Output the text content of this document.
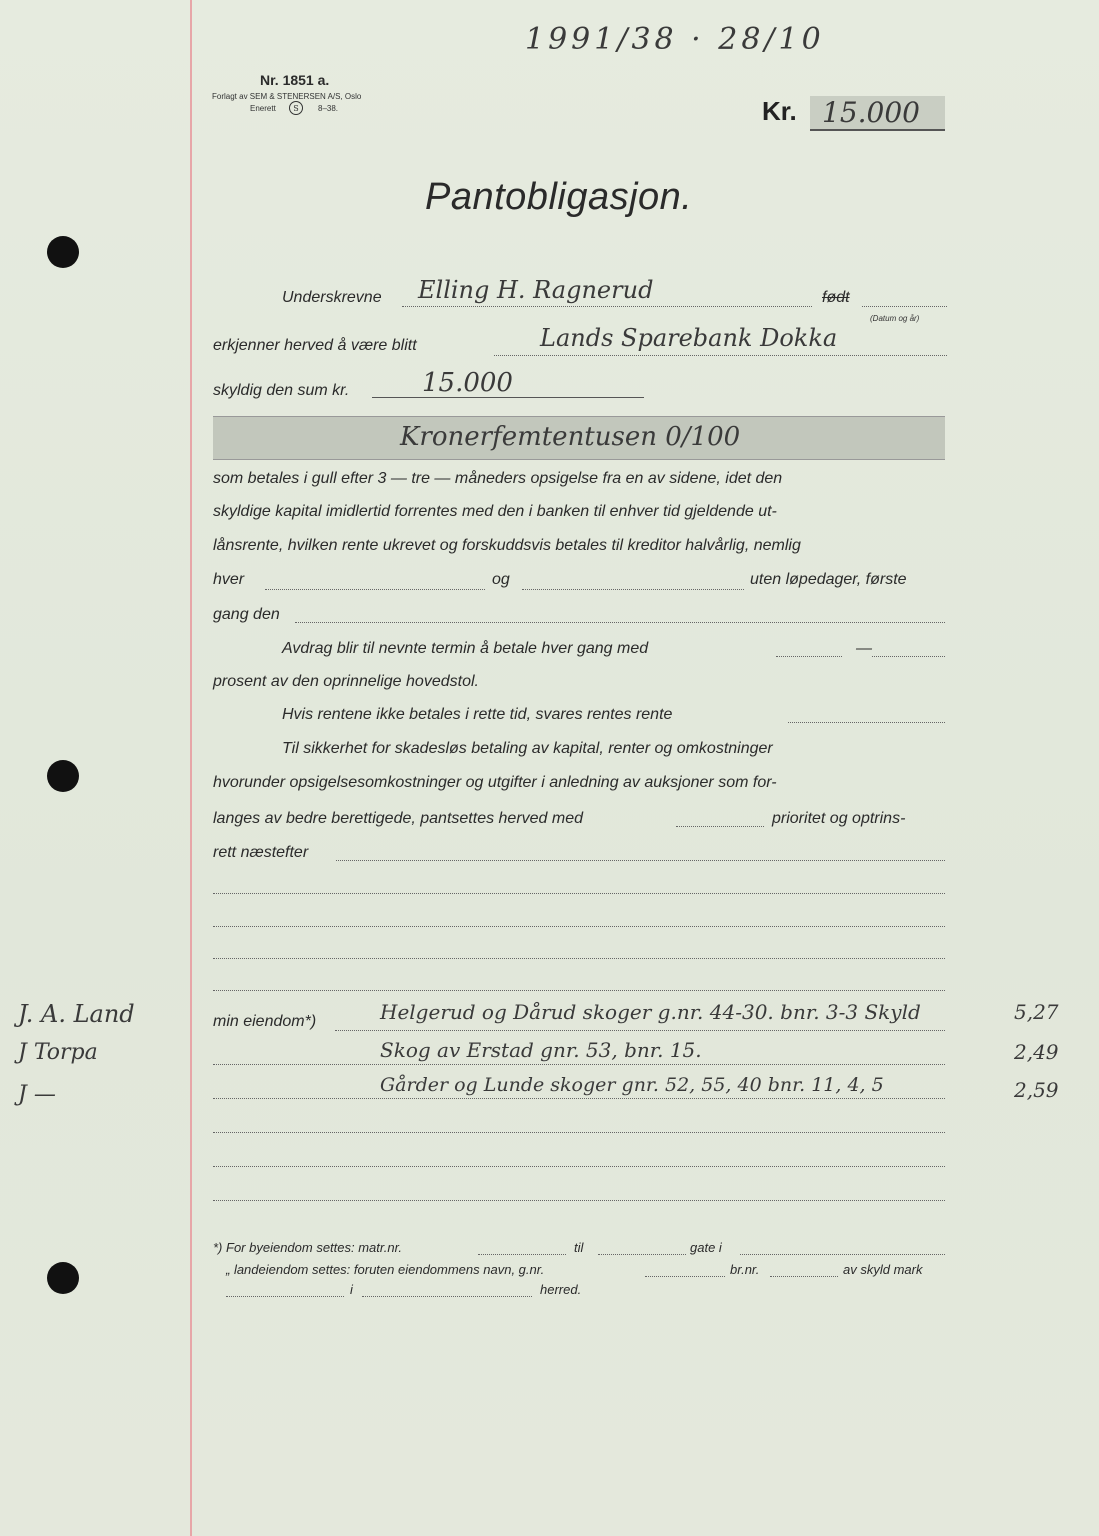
Nr. 1851 a.
Forlagt av SEM & STENERSEN A/S, Oslo
Enerett S 8–38.
1991/38 · 28/10
Kr. 15.000
Pantobligasjon.
Underskrevne Elling H. Ragnerud	født
(Datum og år)
erkjenner herved å være blitt	Lands Sparebank Dokka
skyldig den sum kr.	15.000
Kronerfemtentusen 0/100
som betales i gull efter 3 — tre — måneders opsigelse fra en av sidene, idet den
skyldige kapital imidlertid forrentes med den i banken til enhver tid gjeldende ut-
lånsrente, hvilken rente ukrevet og forskuddsvis betales til kreditor halvårlig, nemlig
hver	og	uten løpedager, første
gang den
Avdrag blir til nevnte termin å betale hver gang med	—
prosent av den oprinnelige hovedstol.
Hvis rentene ikke betales i rette tid, svares rentes rente
Til sikkerhet for skadesløs betaling av kapital, renter og omkostninger
hvorunder opsigelsesomkostninger og utgifter i anledning av auksjoner som for-
langes av bedre berettigede, pantsettes herved med	prioritet og optrins-
rett næstefter
J. A. Land
J Torpa
J —
min eiendom*)	Helgerud og Dårud skoger g.nr. 44-30. bnr. 3-3 Skyld	5,27
Skog av Erstad gnr. 53, bnr. 15.	2,49
Gårder og Lunde skoger gnr. 52, 55, 40 bnr. 11, 4, 5	2,59
*) For byeiendom settes: matr.nr.	til	gate i
„ landeiendom settes: foruten eiendommens navn, g.nr.	br.nr.	av skyld mark
i	herred.
